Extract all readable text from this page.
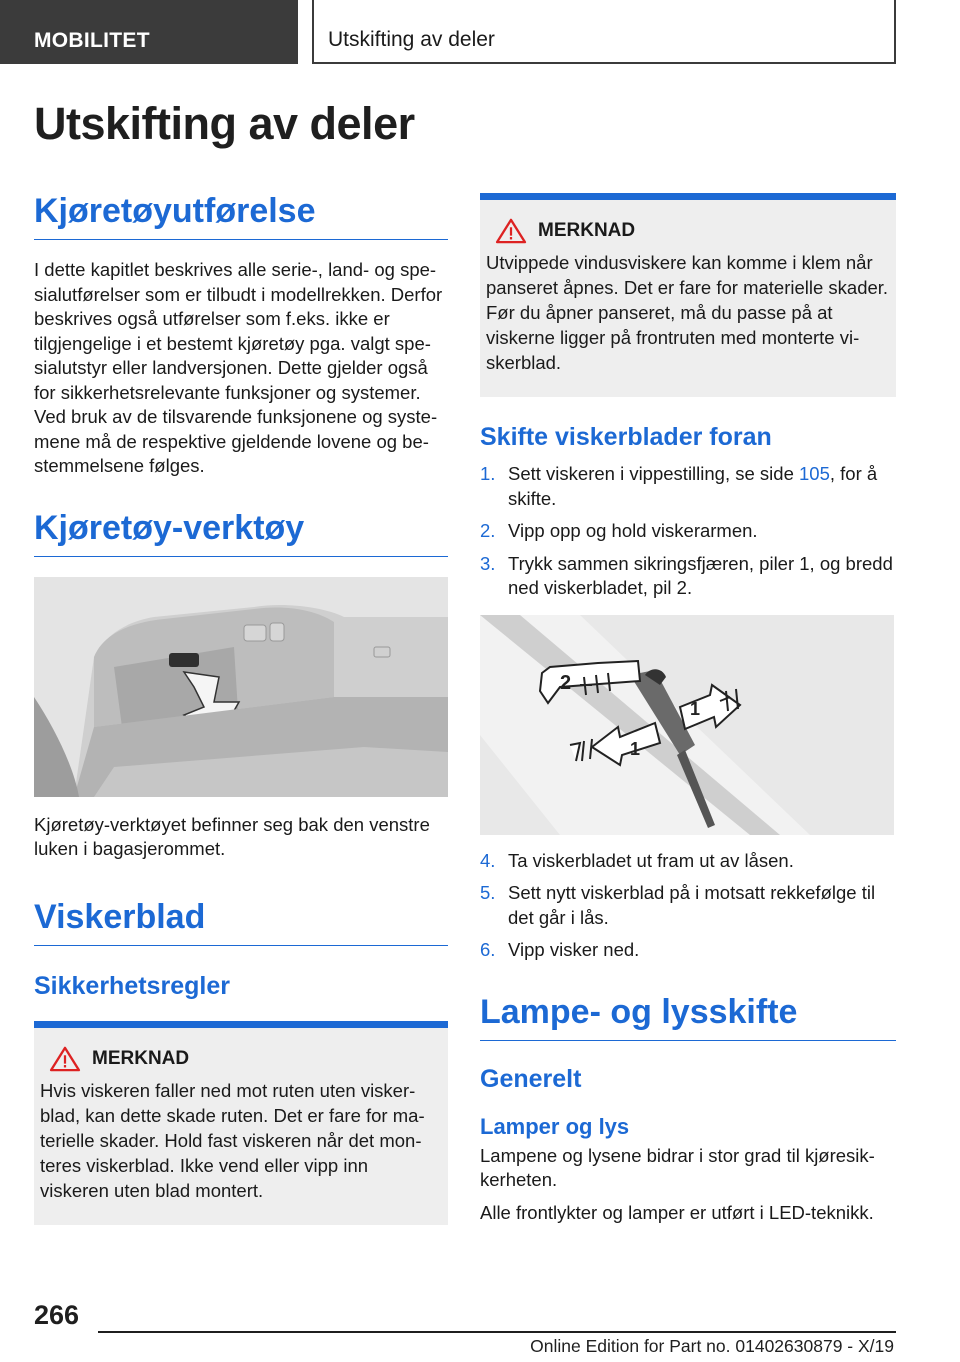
MOBILITET	Utskifting av deler
Utskifting av deler
Kjøretøyutførelse

I dette kapitlet beskrives alle serie-, land- og spesialutførelser som er tilbudt i modellrekken. Derfor beskrives også utførelser som f.eks. ikke er tilgjengelige i et bestemt kjøretøy pga. valgt spesialutstyr eller landversjonen. Dette gjelder også for sikkerhetsrelevante funksjoner og systemer. Ved bruk av de tilsvarende funksjonene og systemene må de respektive gjeldende lovene og bestemmelsene følges.

Kjøretøy-verktøy

Kjøretøy-verktøyet befinner seg bak den venstre luken i bagasjerommet.

Viskerblad
Sikkerhetsregler
MERKNAD

Hvis viskeren faller ned mot ruten uten viskerblad, kan dette skade ruten. Det er fare for materielle skader. Hold fast viskeren når det monteres viskerblad. Ikke vend eller vipp inn viskeren uten blad montert.

MERKNAD

Utvippede vindusviskere kan komme i klem når panseret åpnes. Det er fare for materielle skader. Før du åpner panseret, må du passe på at viskerne ligger på frontruten med monterte viskerblad.

Skifte viskerblader foran
1. Sett viskeren i vippestilling, se side 105, for å skifte.
2. Vipp opp og hold viskerarmen.
3. Trykk sammen sikringsfjæren, piler 1, og bredd ned viskerbladet, pil 2.
2
1
1
4. Ta viskerbladet ut fram ut av låsen.
5. Sett nytt viskerblad på i motsatt rekkefølge til det går i lås.
6. Vipp visker ned.
Lampe- og lysskifte
Generelt
Lamper og lys

Lampene og lysene bidrar i stor grad til kjøresikkerheten.

Alle frontlykter og lamper er utført i LED-teknikk.

266
Online Edition for Part no. 01402630879 - X/19
